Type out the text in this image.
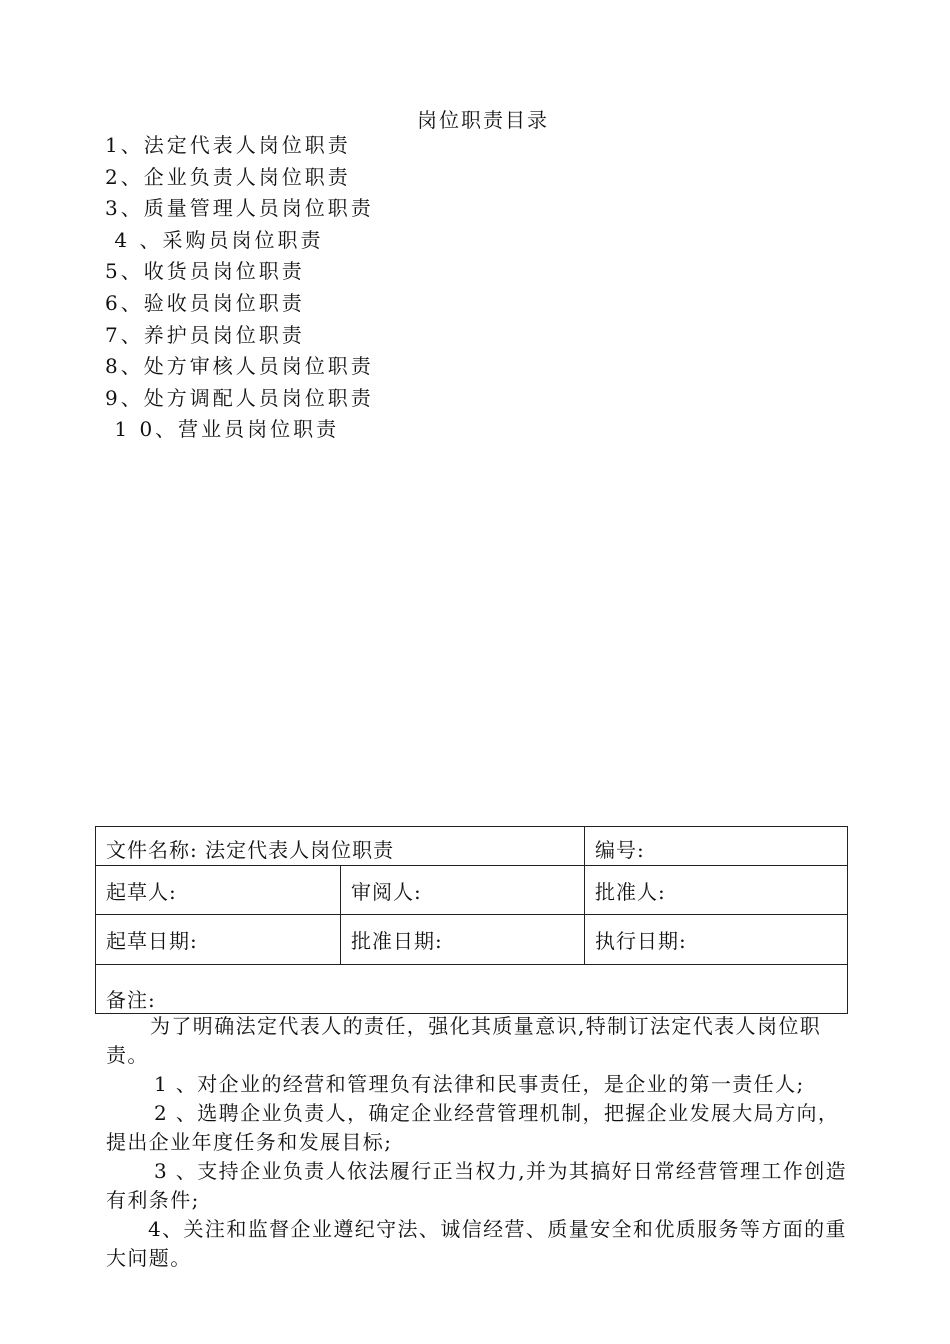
岗位职责目录
1、法定代表人岗位职责
2、企业负责人岗位职责
3、质量管理人员岗位职责
4 、采购员岗位职责
5、收货员岗位职责
6、验收员岗位职责
7、养护员岗位职责
8、处方审核人员岗位职责
9、处方调配人员岗位职责
1 0、营业员岗位职责
文件名称: 法定代表人岗位职责		编号:
起草人:	审阅人:	批准人:
起草日期:	批准日期:	执行日期:
备注:		

为了明确法定代表人的责任，强化其质量意识,特制订法定代表人岗位职责。

1 、对企业的经营和管理负有法律和民事责任，是企业的第一责任人;

2 、选聘企业负责人，确定企业经营管理机制，把握企业发展大局方向，提出企业年度任务和发展目标;

3 、支持企业负责人依法履行正当权力,并为其搞好日常经营管理工作创造有利条件;

4、关注和监督企业遵纪守法、诚信经营、质量安全和优质服务等方面的重大问题。
